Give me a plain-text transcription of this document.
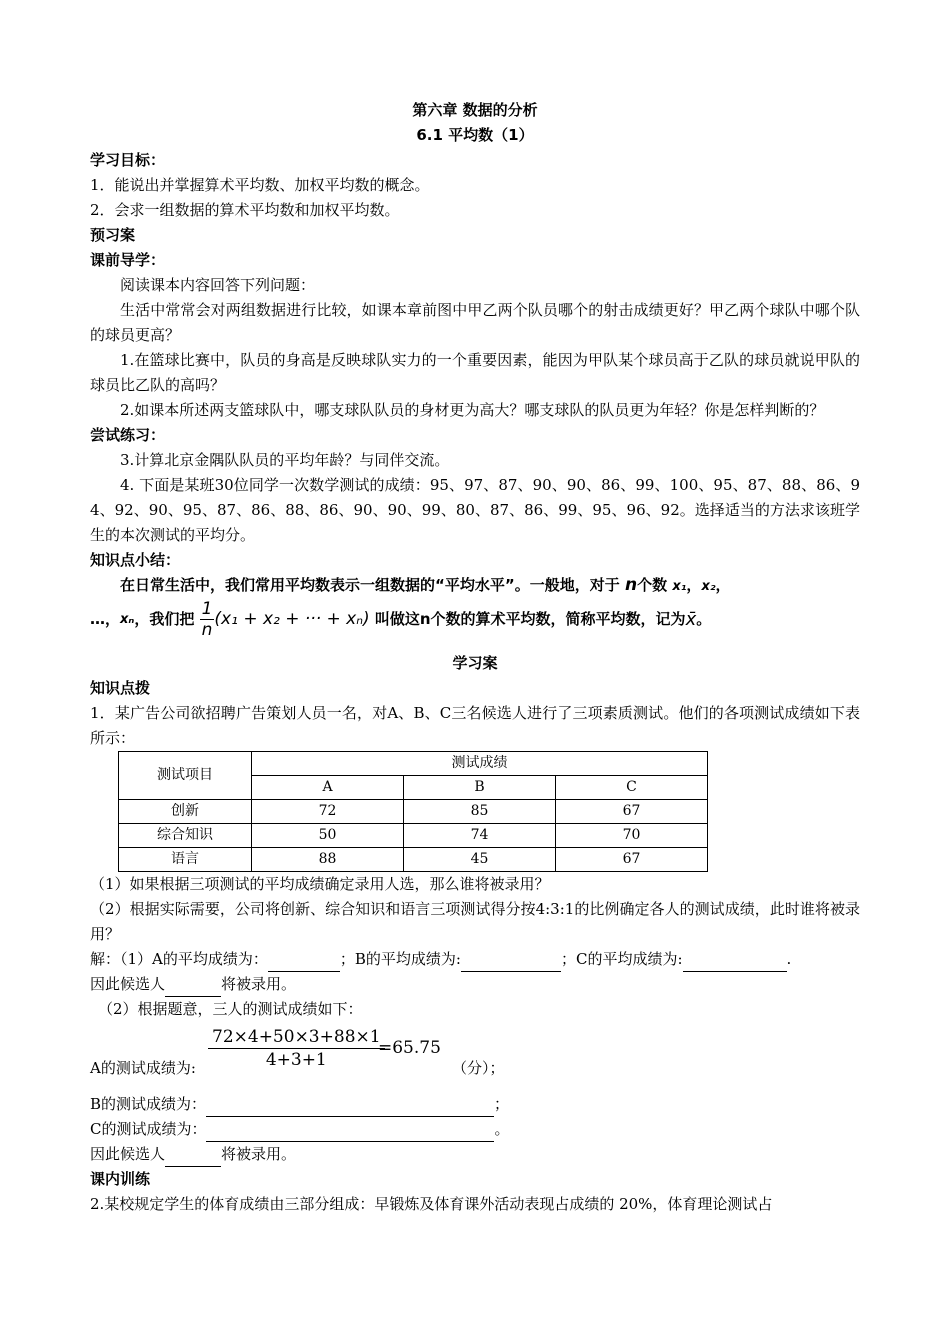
第六章 数据的分析

6.1 平均数（1）

学习目标：

1．能说出并掌握算术平均数、加权平均数的概念。

2．会求一组数据的算术平均数和加权平均数。

预习案

课前导学：

阅读课本内容回答下列问题：

生活中常常会对两组数据进行比较，如课本章前图中甲乙两个队员哪个的射击成绩更好？甲乙两个球队中哪个队的球员更高？

1.在篮球比赛中，队员的身高是反映球队实力的一个重要因素，能因为甲队某个球员高于乙队的球员就说甲队的球员比乙队的高吗？

2.如课本所述两支篮球队中，哪支球队队员的身材更为高大？哪支球队的队员更为年轻？你是怎样判断的？

尝试练习：

3.计算北京金隅队队员的平均年龄？与同伴交流。

4. 下面是某班30位同学一次数学测试的成绩：95、97、87、90、90、86、99、100、95、87、88、86、94、92、90、95、87、86、88、86、90、90、99、80、87、86、99、95、96、92。选择适当的方法求该班学生的本次测试的平均分。

知识点小结：

在日常生活中，我们常用平均数表示一组数据的“平均水平”。一般地，对于 n个数 x₁，x₂，

…，xₙ，我们把 $\frac{1}{n}(x_1 + x_2$ + ··· + xₙ) 叫做这n个数的算术平均数，简称平均数，记为x̄。

学习案

知识点拨

1．某广告公司欲招聘广告策划人员一名，对A、B、C三名候选人进行了三项素质测试。他们的各项测试成绩如下表所示：

测试项目	测试成绩		
	A	B	C
创新	72	85	67
综合知识	50	74	70
语言	88	45	67

（1）如果根据三项测试的平均成绩确定录用人选，那么谁将被录用？

（2）根据实际需要，公司将创新、综合知识和语言三项测试得分按4:3:1的比例确定各人的测试成绩，此时谁将被录用？

解：（1）A的平均成绩为：	；B的平均成绩为:	；C的平均成绩为:	.

因此候选人	将被录用。

（2）根据题意，三人的测试成绩如下：

A的测试成绩为: $\frac{72\times 4+50\times 3+88\times 1}{4+3+1}$
=65.75
（分）；

B的测试成绩为：	；

C的测试成绩为：	。

因此候选人	将被录用。

课内训练

2.某校规定学生的体育成绩由三部分组成：早锻炼及体育课外活动表现占成绩的 20%，体育理论测试占
